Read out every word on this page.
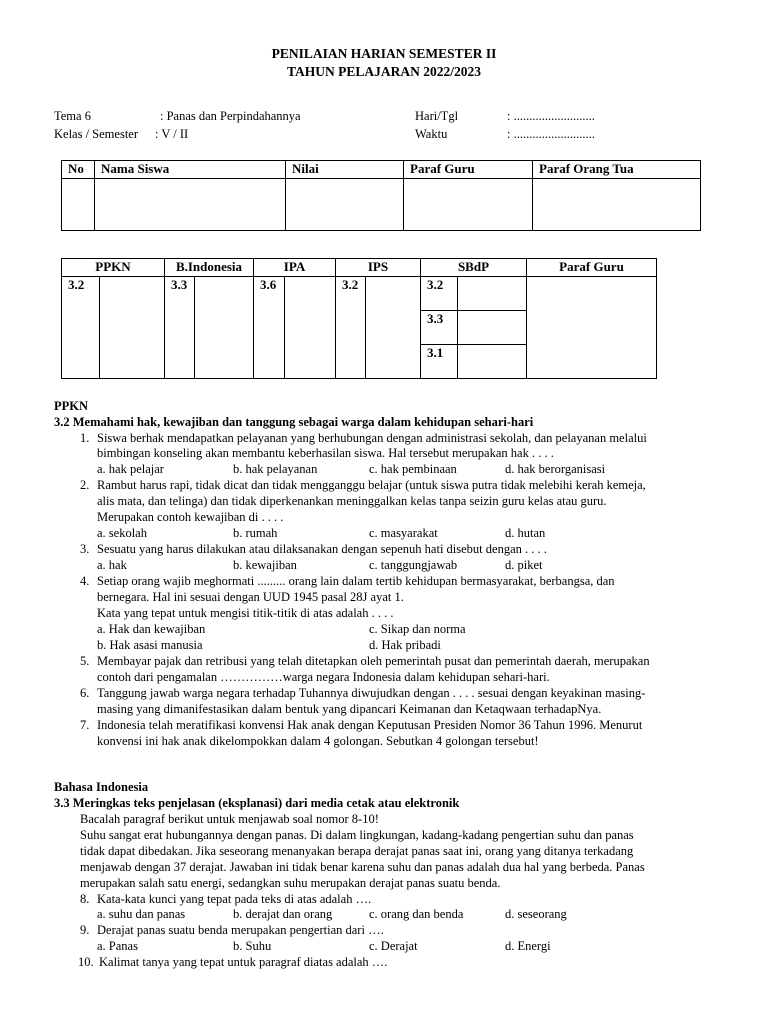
PENILAIAN HARIAN SEMESTER II
TAHUN PELAJARAN 2022/2023
Tema 6	: Panas dan Perpindahannya
Kelas / Semester : V / II
Hari/Tgl	: ..........................
Waktu	: ..........................
No	Nama Siswa	Nilai	Paraf Guru	Paraf Orang Tua

PPKN		B.Indonesia		IPA		IPS		SBdP		Paraf Guru
3.2		3.3		3.6		3.2		3.2		
								3.3		
								3.1		
PPKN
3.2 Memahami hak, kewajiban dan tanggung sebagai warga dalam kehidupan sehari-hari
1. Siswa berhak mendapatkan pelayanan yang berhubungan dengan administrasi sekolah, dan pelayanan melalui
bimbingan konseling akan membantu keberhasilan siswa. Hal tersebut merupakan hak . . . .
a. hak pelajar	b. hak pelayanan	c. hak pembinaan	d. hak berorganisasi
2. Rambut harus rapi, tidak dicat dan tidak mengganggu belajar (untuk siswa putra tidak melebihi kerah kemeja,
alis mata, dan telinga) dan tidak diperkenankan meninggalkan kelas tanpa seizin guru kelas atau guru.
Merupakan contoh kewajiban di . . . .
a. sekolah	b. rumah	c. masyarakat	d. hutan
3. Sesuatu yang harus dilakukan atau dilaksanakan dengan sepenuh hati disebut dengan . . . .
a. hak	b. kewajiban	c. tanggungjawab	d. piket
4. Setiap orang wajib meghormati ......... orang lain dalam tertib kehidupan bermasyarakat, berbangsa, dan
bernegara. Hal ini sesuai dengan UUD 1945 pasal 28J ayat 1.
Kata yang tepat untuk mengisi titik-titik di atas adalah . . . .
a. Hak dan kewajiban	c. Sikap dan norma
b. Hak asasi manusia	d. Hak pribadi
5. Membayar pajak dan retribusi yang telah ditetapkan oleh pemerintah pusat dan pemerintah daerah, merupakan
contoh dari pengamalan ……………warga negara Indonesia dalam kehidupan sehari-hari.
6. Tanggung jawab warga negara terhadap Tuhannya diwujudkan dengan . . . . sesuai dengan keyakinan masing-
masing yang dimanifestasikan dalam bentuk yang dipancari Keimanan dan Ketaqwaan terhadapNya.
7. Indonesia telah meratifikasi konvensi Hak anak dengan Keputusan Presiden Nomor 36 Tahun 1996. Menurut
konvensi ini hak anak dikelompokkan dalam 4 golongan. Sebutkan 4 golongan tersebut!
Bahasa Indonesia
3.3 Meringkas teks penjelasan (eksplanasi) dari media cetak atau elektronik
Bacalah paragraf berikut untuk menjawab soal nomor 8-10!
Suhu sangat erat hubungannya dengan panas. Di dalam lingkungan, kadang-kadang pengertian suhu dan panas
tidak dapat dibedakan. Jika seseorang menanyakan berapa derajat panas saat ini, orang yang ditanya terkadang
menjawab dengan 37 derajat. Jawaban ini tidak benar karena suhu dan panas adalah dua hal yang berbeda. Panas
merupakan salah satu energi, sedangkan suhu merupakan derajat panas suatu benda.
8. Kata-kata kunci yang tepat pada teks di atas adalah ….
a. suhu dan panas	b. derajat dan orang	c. orang dan benda	d. seseorang
9. Derajat panas suatu benda merupakan pengertian dari ….
a. Panas	b. Suhu	c. Derajat	d. Energi
10. Kalimat tanya yang tepat untuk paragraf diatas adalah ….
